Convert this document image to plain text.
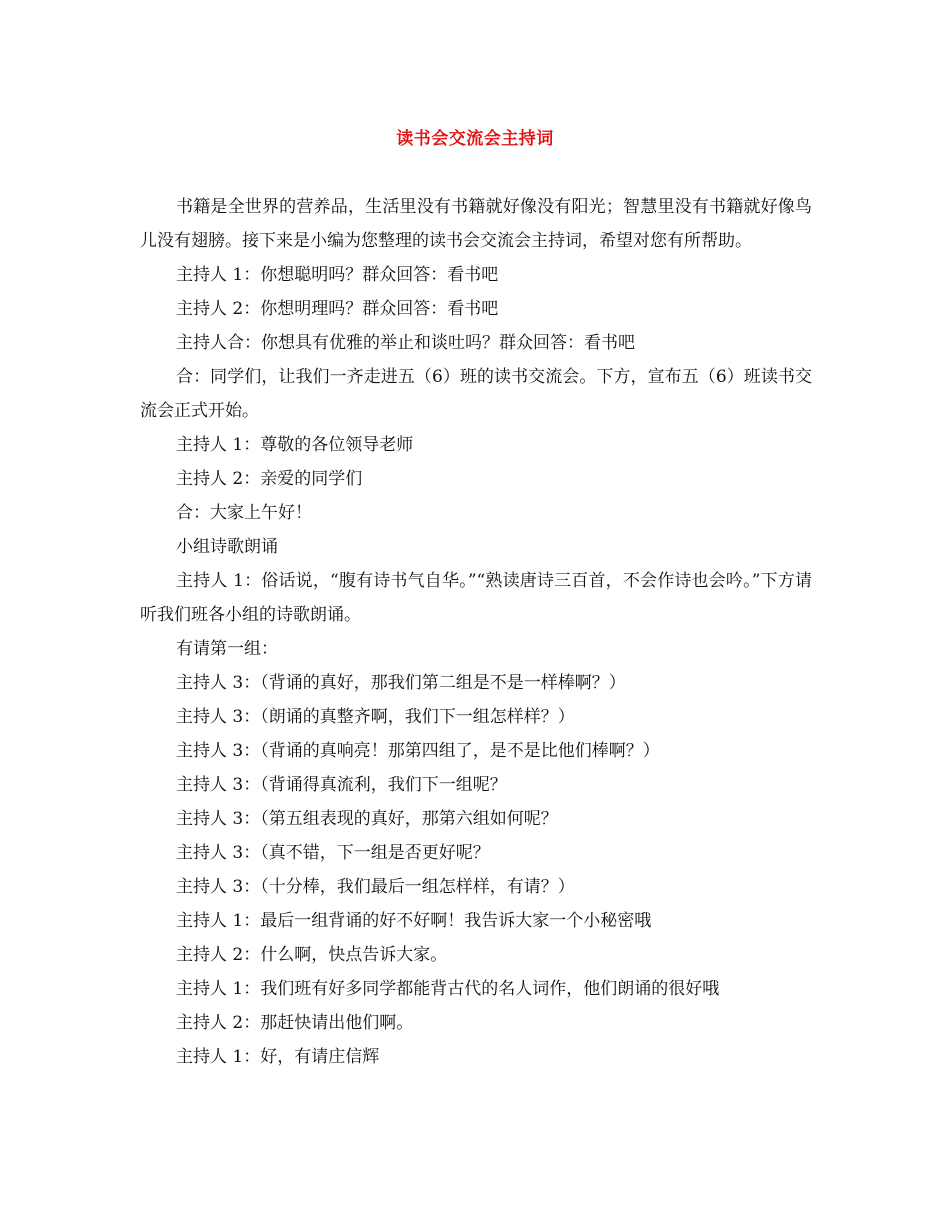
读书会交流会主持词

书籍是全世界的营养品，生活里没有书籍就好像没有阳光；智慧里没有书籍就好像鸟儿没有翅膀。接下来是小编为您整理的读书会交流会主持词，希望对您有所帮助。

主持人 1：你想聪明吗？群众回答：看书吧

主持人 2：你想明理吗？群众回答：看书吧

主持人合：你想具有优雅的举止和谈吐吗？群众回答：看书吧

合：同学们，让我们一齐走进五（6）班的读书交流会。下方，宣布五（6）班读书交流会正式开始。

主持人 1：尊敬的各位领导老师

主持人 2：亲爱的同学们

合：大家上午好！

小组诗歌朗诵

主持人 1：俗话说，“腹有诗书气自华。”“熟读唐诗三百首，不会作诗也会吟。”下方请听我们班各小组的诗歌朗诵。

有请第一组：

主持人 3：（背诵的真好，那我们第二组是不是一样棒啊？）

主持人 3：（朗诵的真整齐啊，我们下一组怎样样？）

主持人 3：（背诵的真响亮！那第四组了，是不是比他们棒啊？）

主持人 3：（背诵得真流利，我们下一组呢？

主持人 3：（第五组表现的真好，那第六组如何呢？

主持人 3：（真不错，下一组是否更好呢？

主持人 3：（十分棒，我们最后一组怎样样，有请？）

主持人 1：最后一组背诵的好不好啊！我告诉大家一个小秘密哦

主持人 2：什么啊，快点告诉大家。

主持人 1：我们班有好多同学都能背古代的名人词作，他们朗诵的很好哦

主持人 2：那赶快请出他们啊。

主持人 1：好，有请庄信辉
